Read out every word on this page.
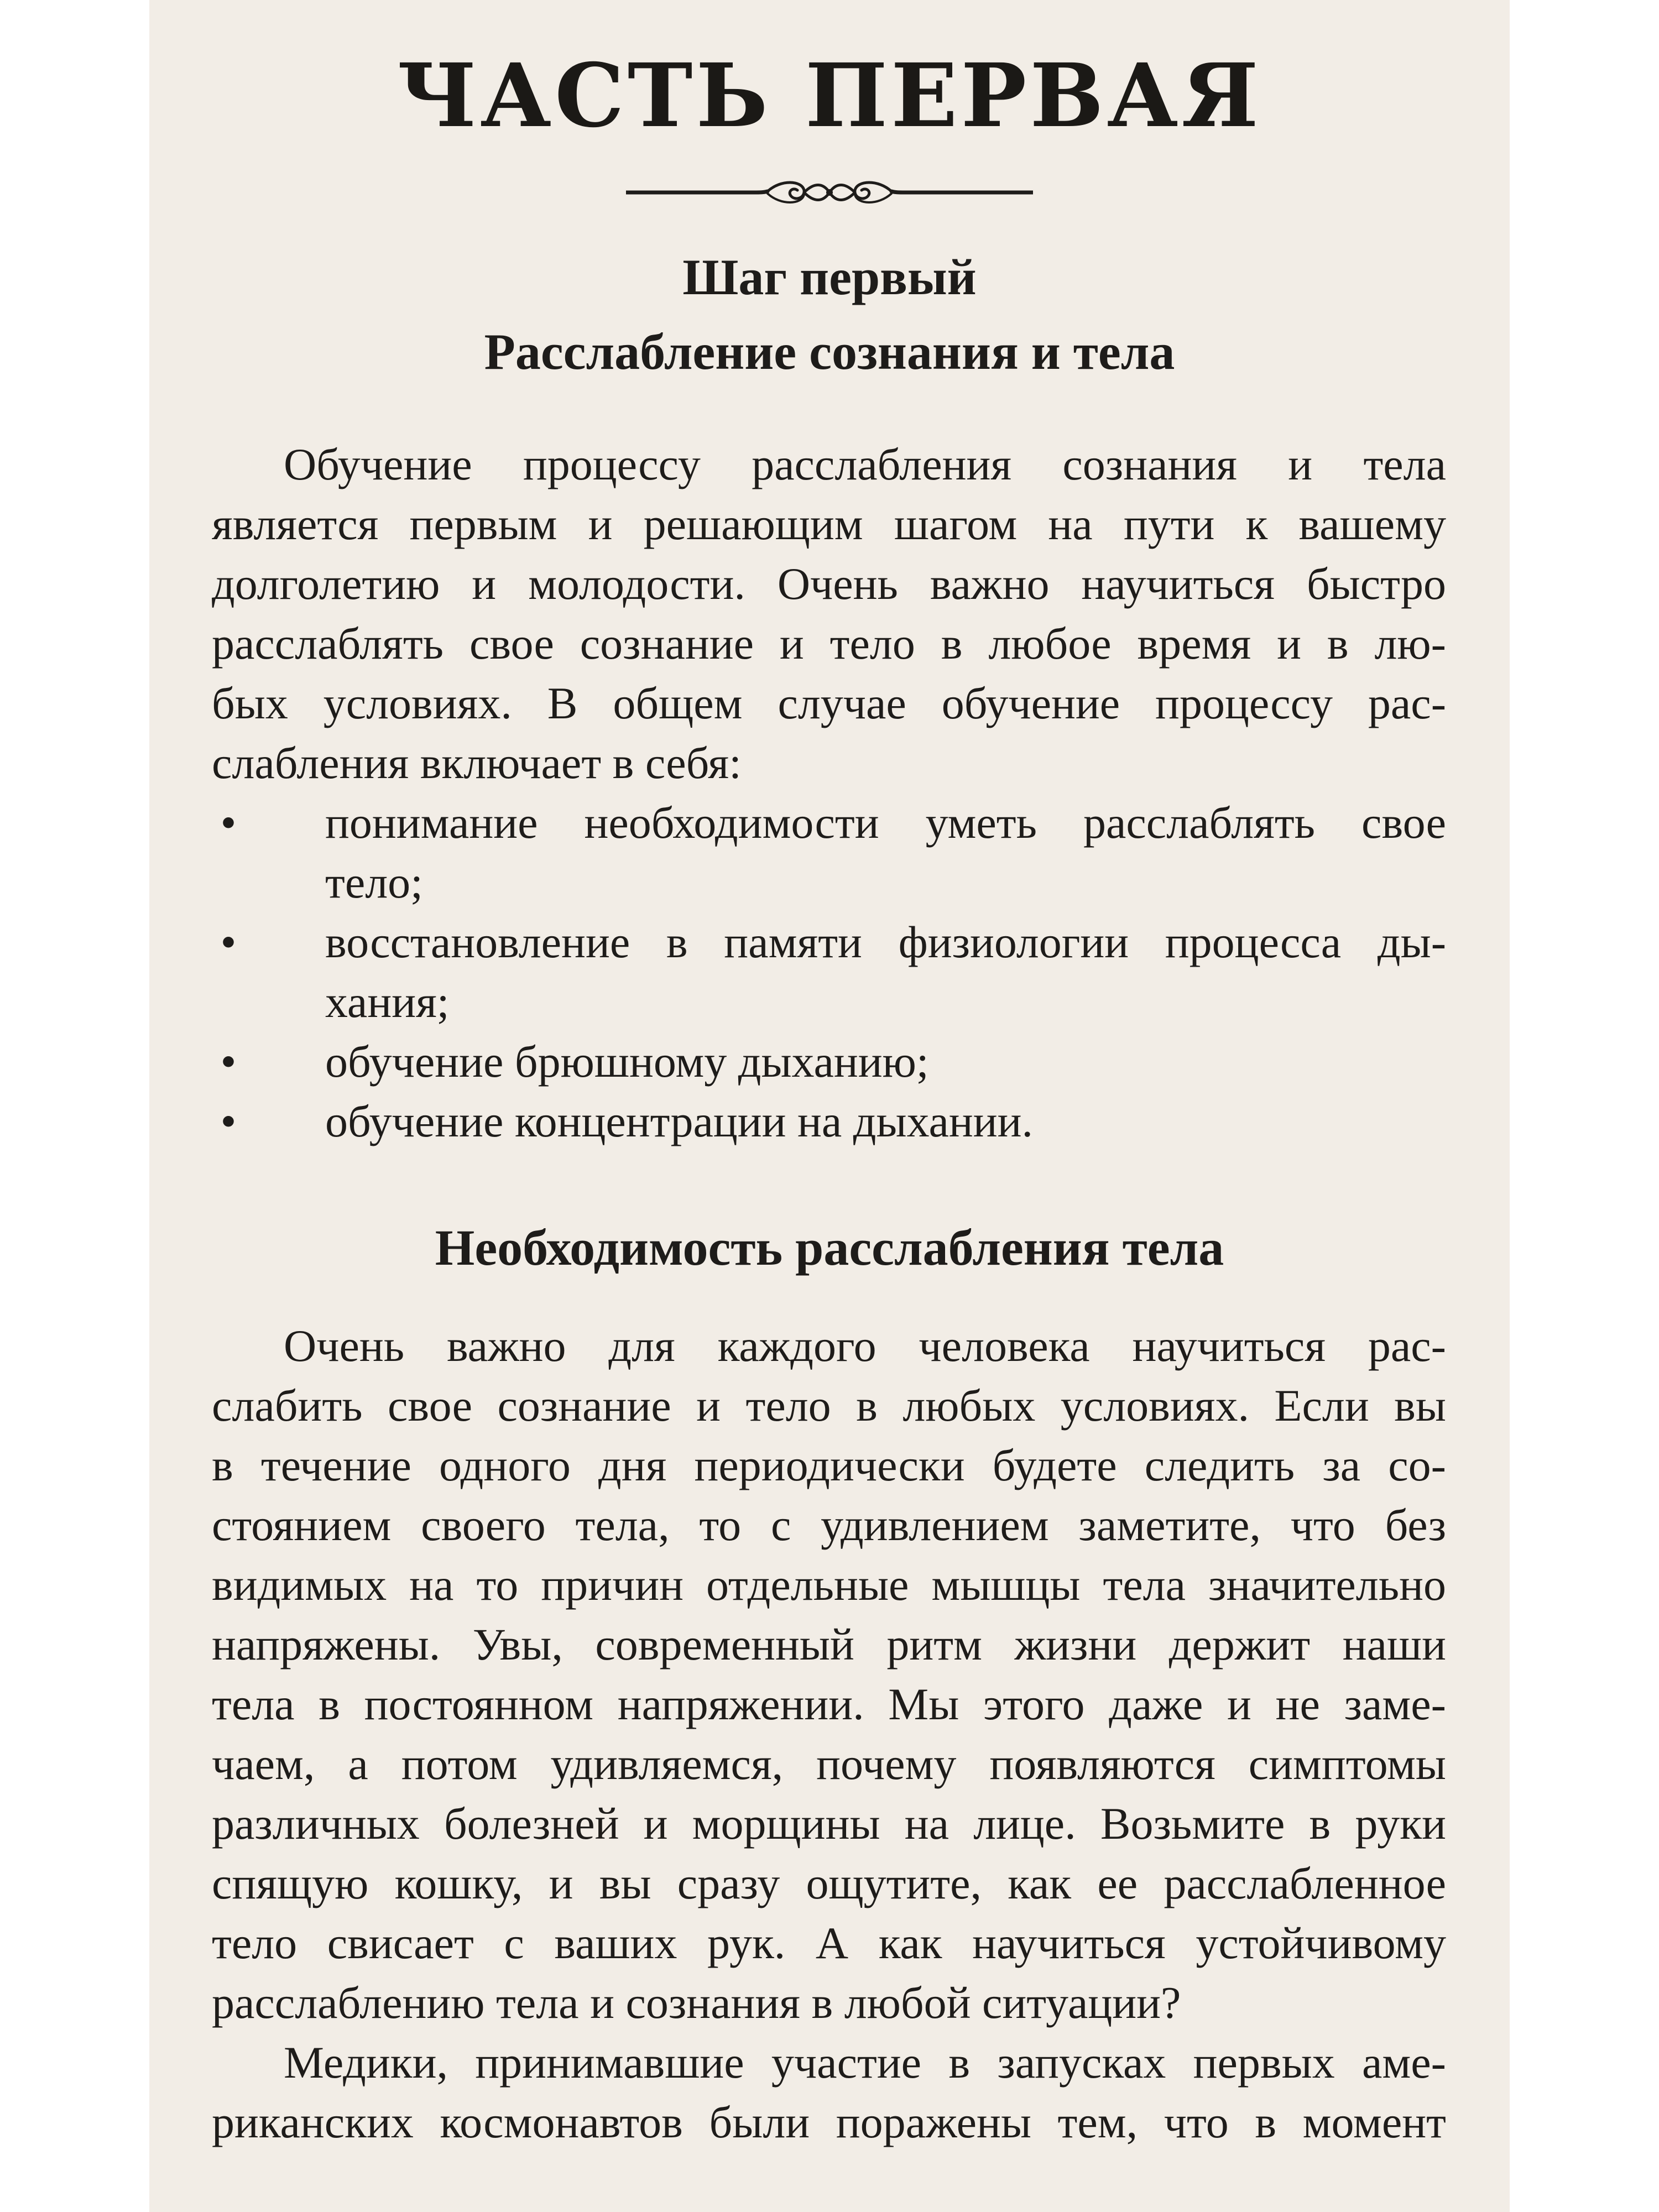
ЧАСТЬ ПЕРВАЯ
Шаг первый
Расслабление сознания и тела
Обучение процессу расслабления сознания и тела
является первым и решающим шагом на пути к вашему
долголетию и молодости. Очень важно научиться быстро
расслаблять свое сознание и тело в любое время и в лю-
бых условиях. В общем случае обучение процессу рас-
слабления включает в себя:
•	понимание необходимости уметь расслаблять свое
тело;
•	восстановление в памяти физиологии процесса ды-
хания;
•	обучение брюшному дыханию;
•	обучение концентрации на дыхании.
Необходимость расслабления тела
Очень важно для каждого человека научиться рас-
слабить свое сознание и тело в любых условиях. Если вы
в течение одного дня периодически будете следить за со-
стоянием своего тела, то с удивлением заметите, что без
видимых на то причин отдельные мышцы тела значительно
напряжены. Увы, современный ритм жизни держит наши
тела в постоянном напряжении. Мы этого даже и не заме-
чаем, а потом удивляемся, почему появляются симптомы
различных болезней и морщины на лице. Возьмите в руки
спящую кошку, и вы сразу ощутите, как ее расслабленное
тело свисает с ваших рук. А как научиться устойчивому
расслаблению тела и сознания в любой ситуации?
Медики, принимавшие участие в запусках первых аме-
риканских космонавтов были поражены тем, что в момент
